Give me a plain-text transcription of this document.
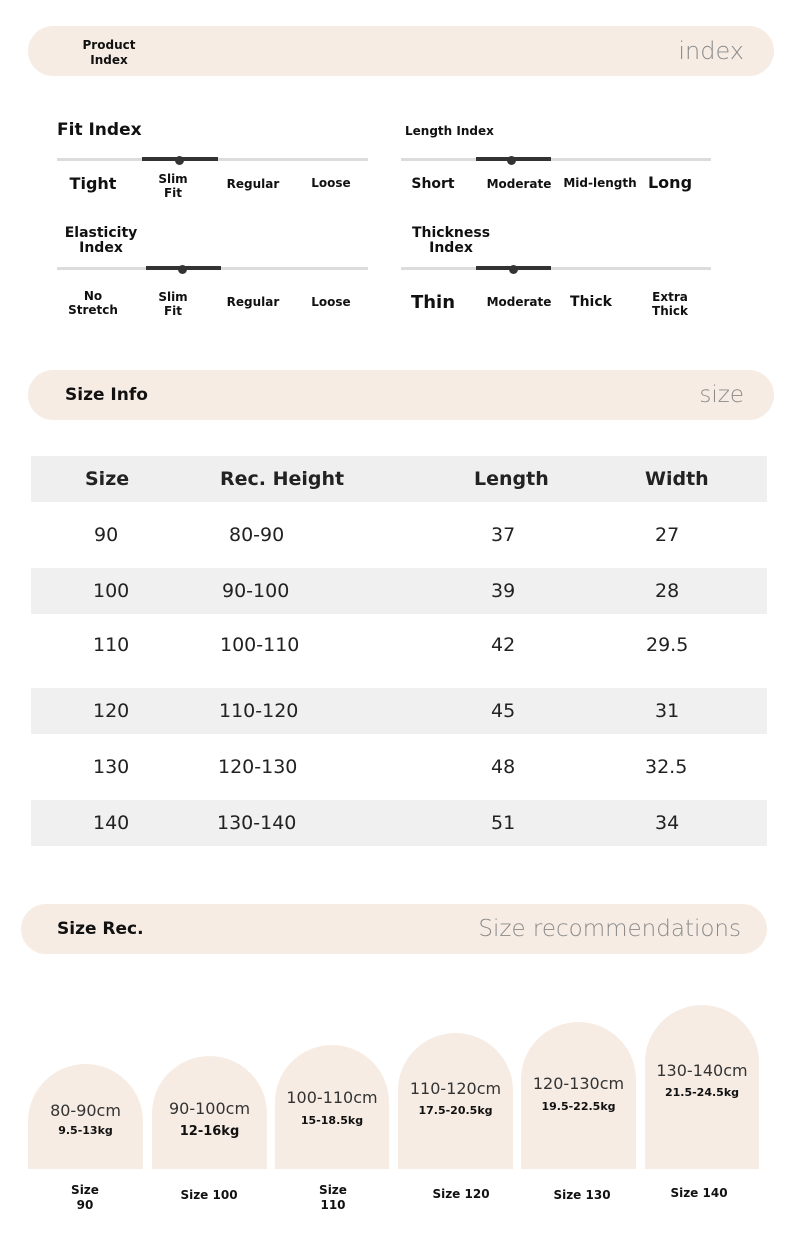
Product Index	index
Fit Index
Tight	Slim Fit
Regular	Loose
Length Index
Short	Moderate Mid-length Long
Elasticity Index
No Stretch
Slim Fit
Regular	Loose
Thickness Index
Thin	Moderate	Thick	Extra Thick
Size Info	size
Size	Rec. Height	Length	Width
90	80-90	37	27
100	90-100	39	28
110	100-110	42	29.5
120	110-120	45	31
130	120-130	48	32.5
140	130-140	51	34
Size Rec.	Size recommendations
80-90cm
9.5-13kg
90-100cm
12-16kg
100-110cm
15-18.5kg
110-120cm
17.5-20.5kg
120-130cm
19.5-22.5kg
130-140cm
21.5-24.5kg
Size 90
Size 100	Size 110
Size 120	Size 130	Size 140
